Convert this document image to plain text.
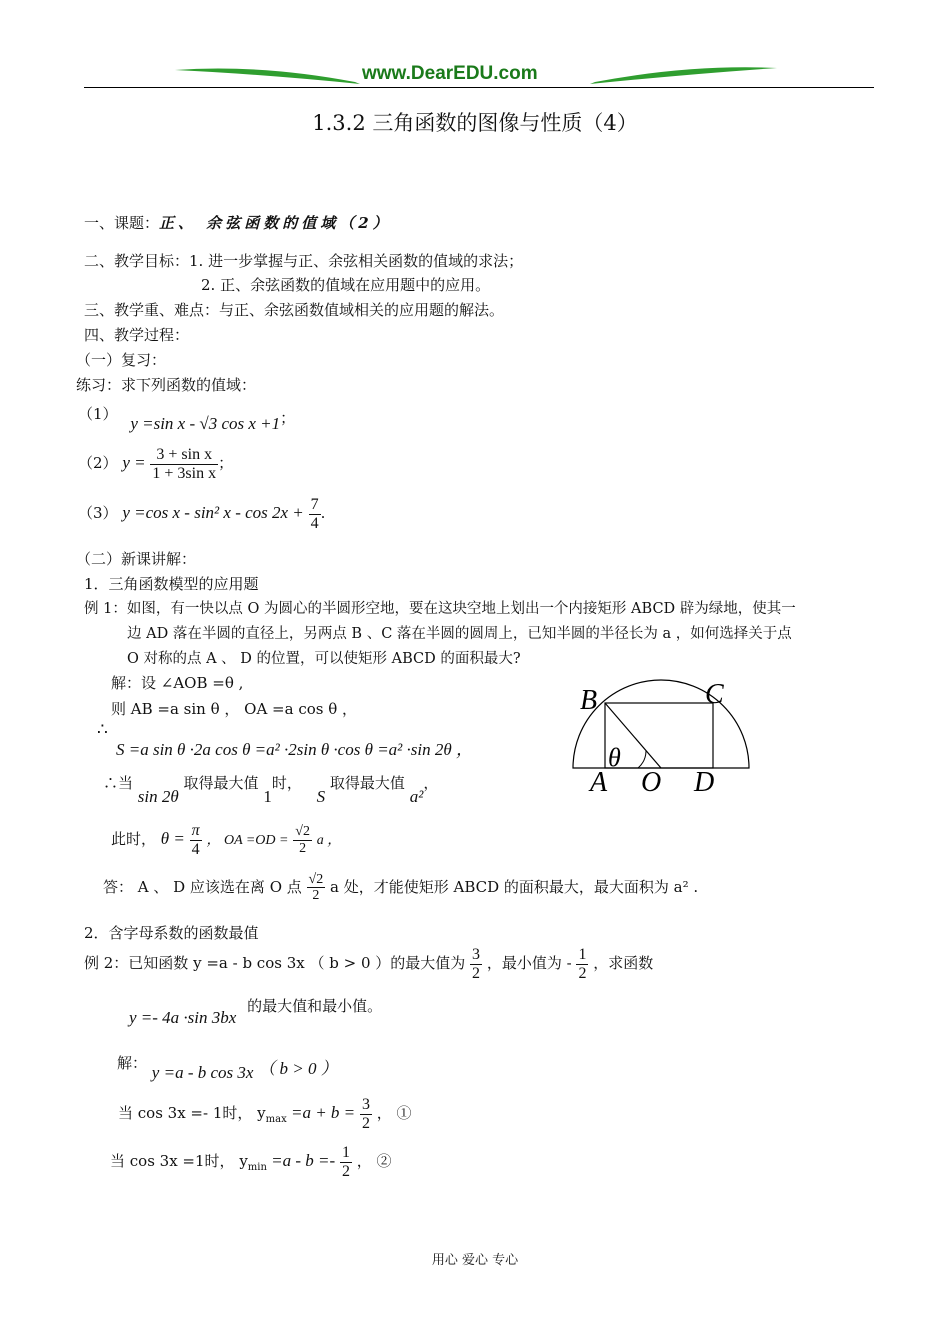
www.DearEDU.com
1.3.2 三角函数的图像与性质（4）
一、课题：正、 余弦函数的值域（2）
二、教学目标：1. 进一步掌握与正、余弦相关函数的值域的求法；
2. 正、余弦函数的值域在应用题中的应用。
三、教学重、难点：与正、余弦函数值域相关的应用题的解法。
四、教学过程：
（一）复习：
练习：求下列函数的值域：
（1） y =sin x - √3 cos x +1；
（2） $y = \frac{\text{3 + sin x}}{\text{1 + 3sin x}}$ ；
（3） y =cos x - sin² $x - \cos 2x + \frac{7}{4}$ .
（二）新课讲解：
1．三角函数模型的应用题
例 1：如图，有一快以点 O 为圆心的半圆形空地，要在这块空地上划出一个内接矩形 ABCD 辟为绿地，使其一
边 AD 落在半圆的直径上，另两点 B 、C 落在半圆的圆周上，已知半圆的半径长为 a ，如何选择关于点
O 对称的点 A 、 D 的位置，可以使矩形 ABCD 的面积最大?
解：设 ∠AOB =θ ,
则 AB =a sin θ ， OA =a cos θ ，
∴
S =a sin θ ·2a cos θ =a² ·2sin θ ·cos θ =a² ·sin 2θ ，
∴当 sin 2θ 取得最大值 1时， S 取得最大值 a²，
此时， $\theta = \frac{\pi}{4}$ ， OA $=OD = \frac{√2}{2}$ a ，
答： A 、 D 应该选在离 O 点 $\frac{√2}{2}$ a 处，才能使矩形 ABCD 的面积最大，最大面积为 a² .
B	C
A O D
θ
2．含字母系数的函数最值
例 2：已知函数 y =a - b cos 3x （ b > 0 ）的最大值为 $\frac{3}{2}$ ，最小值为 - $\frac{1}{2}$ ，求函数
y =- 4a ·sin 3bx 的最大值和最小值。
解： y =a - b cos 3x （ b > 0 ）
当 cos 3x =- 1时， $y_{max} =a + b = \frac{3}{2}$ ， ①
当 cos 3x =1时， $y_{min} =a - b =- \frac{1}{2}$ ， ②
用心 爱心 专心
